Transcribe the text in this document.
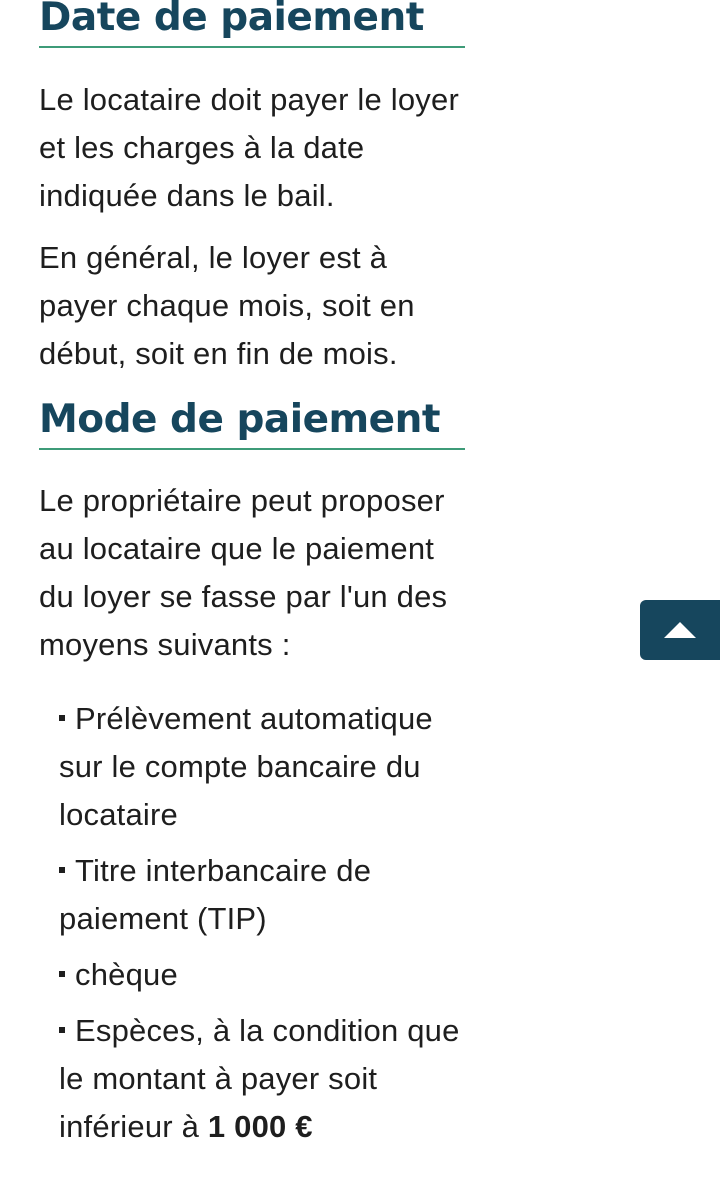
Date de paiement

Le locataire doit payer le loyer et les charges à la date indiquée dans le bail.

En général, le loyer est à payer chaque mois, soit en début, soit en fin de mois.

Mode de paiement

Le propriétaire peut proposer au locataire que le paiement du loyer se fasse par l'un des moyens suivants :

Prélèvement automatique sur le compte bancaire du locataire
Titre interbancaire de paiement (TIP)
chèque
Espèces, à la condition que le montant à payer soit inférieur à 1 000 €
